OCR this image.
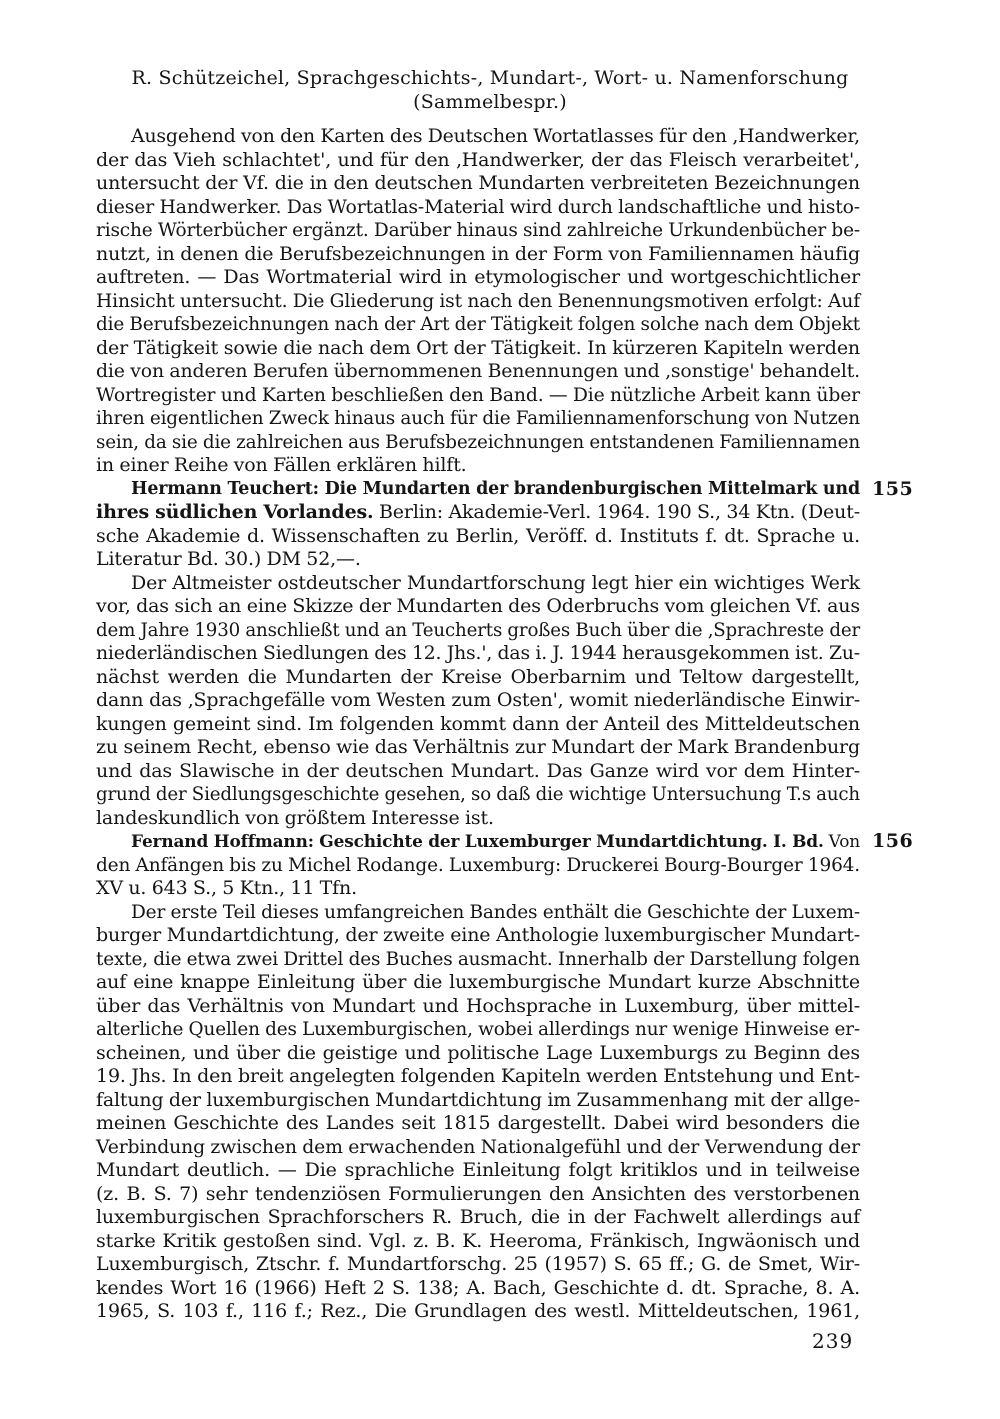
R. Schützeichel, Sprachgeschichts-, Mundart-, Wort- u. Namenforschung (Sammelbespr.)
Ausgehend von den Karten des Deutschen Wortatlasses für den ‚Handwerker,
der das Vieh schlachtet', und für den ‚Handwerker, der das Fleisch verarbeitet',
untersucht der Vf. die in den deutschen Mundarten verbreiteten Bezeichnungen
dieser Handwerker. Das Wortatlas-Material wird durch landschaftliche und histo-
rische Wörterbücher ergänzt. Darüber hinaus sind zahlreiche Urkundenbücher be-
nutzt, in denen die Berufsbezeichnungen in der Form von Familiennamen häufig
auftreten. — Das Wortmaterial wird in etymologischer und wortgeschichtlicher
Hinsicht untersucht. Die Gliederung ist nach den Benennungsmotiven erfolgt: Auf
die Berufsbezeichnungen nach der Art der Tätigkeit folgen solche nach dem Objekt
der Tätigkeit sowie die nach dem Ort der Tätigkeit. In kürzeren Kapiteln werden
die von anderen Berufen übernommenen Benennungen und ‚sonstige' behandelt.
Wortregister und Karten beschließen den Band. — Die nützliche Arbeit kann über
ihren eigentlichen Zweck hinaus auch für die Familiennamenforschung von Nutzen
sein, da sie die zahlreichen aus Berufsbezeichnungen entstandenen Familiennamen
in einer Reihe von Fällen erklären hilft.
155
Hermann Teuchert: Die Mundarten der brandenburgischen Mittelmark und
ihres südlichen Vorlandes. Berlin: Akademie-Verl. 1964. 190 S., 34 Ktn. (Deut-
sche Akademie d. Wissenschaften zu Berlin, Veröff. d. Instituts f. dt. Sprache u.
Literatur Bd. 30.) DM 52,—.
Der Altmeister ostdeutscher Mundartforschung legt hier ein wichtiges Werk
vor, das sich an eine Skizze der Mundarten des Oderbruchs vom gleichen Vf. aus
dem Jahre 1930 anschließt und an Teucherts großes Buch über die ‚Sprachreste der
niederländischen Siedlungen des 12. Jhs.', das i. J. 1944 herausgekommen ist. Zu-
nächst werden die Mundarten der Kreise Oberbarnim und Teltow dargestellt,
dann das ‚Sprachgefälle vom Westen zum Osten', womit niederländische Einwir-
kungen gemeint sind. Im folgenden kommt dann der Anteil des Mitteldeutschen
zu seinem Recht, ebenso wie das Verhältnis zur Mundart der Mark Brandenburg
und das Slawische in der deutschen Mundart. Das Ganze wird vor dem Hinter-
grund der Siedlungsgeschichte gesehen, so daß die wichtige Untersuchung T.s auch
landeskundlich von größtem Interesse ist.
156
Fernand Hoffmann: Geschichte der Luxemburger Mundartdichtung. I. Bd. Von
den Anfängen bis zu Michel Rodange. Luxemburg: Druckerei Bourg-Bourger 1964.
XV u. 643 S., 5 Ktn., 11 Tfn.
Der erste Teil dieses umfangreichen Bandes enthält die Geschichte der Luxem-
burger Mundartdichtung, der zweite eine Anthologie luxemburgischer Mundart-
texte, die etwa zwei Drittel des Buches ausmacht. Innerhalb der Darstellung folgen
auf eine knappe Einleitung über die luxemburgische Mundart kurze Abschnitte
über das Verhältnis von Mundart und Hochsprache in Luxemburg, über mittel-
alterliche Quellen des Luxemburgischen, wobei allerdings nur wenige Hinweise er-
scheinen, und über die geistige und politische Lage Luxemburgs zu Beginn des
19. Jhs. In den breit angelegten folgenden Kapiteln werden Entstehung und Ent-
faltung der luxemburgischen Mundartdichtung im Zusammenhang mit der allge-
meinen Geschichte des Landes seit 1815 dargestellt. Dabei wird besonders die
Verbindung zwischen dem erwachenden Nationalgefühl und der Verwendung der
Mundart deutlich. — Die sprachliche Einleitung folgt kritiklos und in teilweise
(z. B. S. 7) sehr tendenziösen Formulierungen den Ansichten des verstorbenen
luxemburgischen Sprachforschers R. Bruch, die in der Fachwelt allerdings auf
starke Kritik gestoßen sind. Vgl. z. B. K. Heeroma, Fränkisch, Ingwäonisch und
Luxemburgisch, Ztschr. f. Mundartforschg. 25 (1957) S. 65 ff.; G. de Smet, Wir-
kendes Wort 16 (1966) Heft 2 S. 138; A. Bach, Geschichte d. dt. Sprache, 8. A.
1965, S. 103 f., 116 f.; Rez., Die Grundlagen des westl. Mitteldeutschen, 1961,
239
